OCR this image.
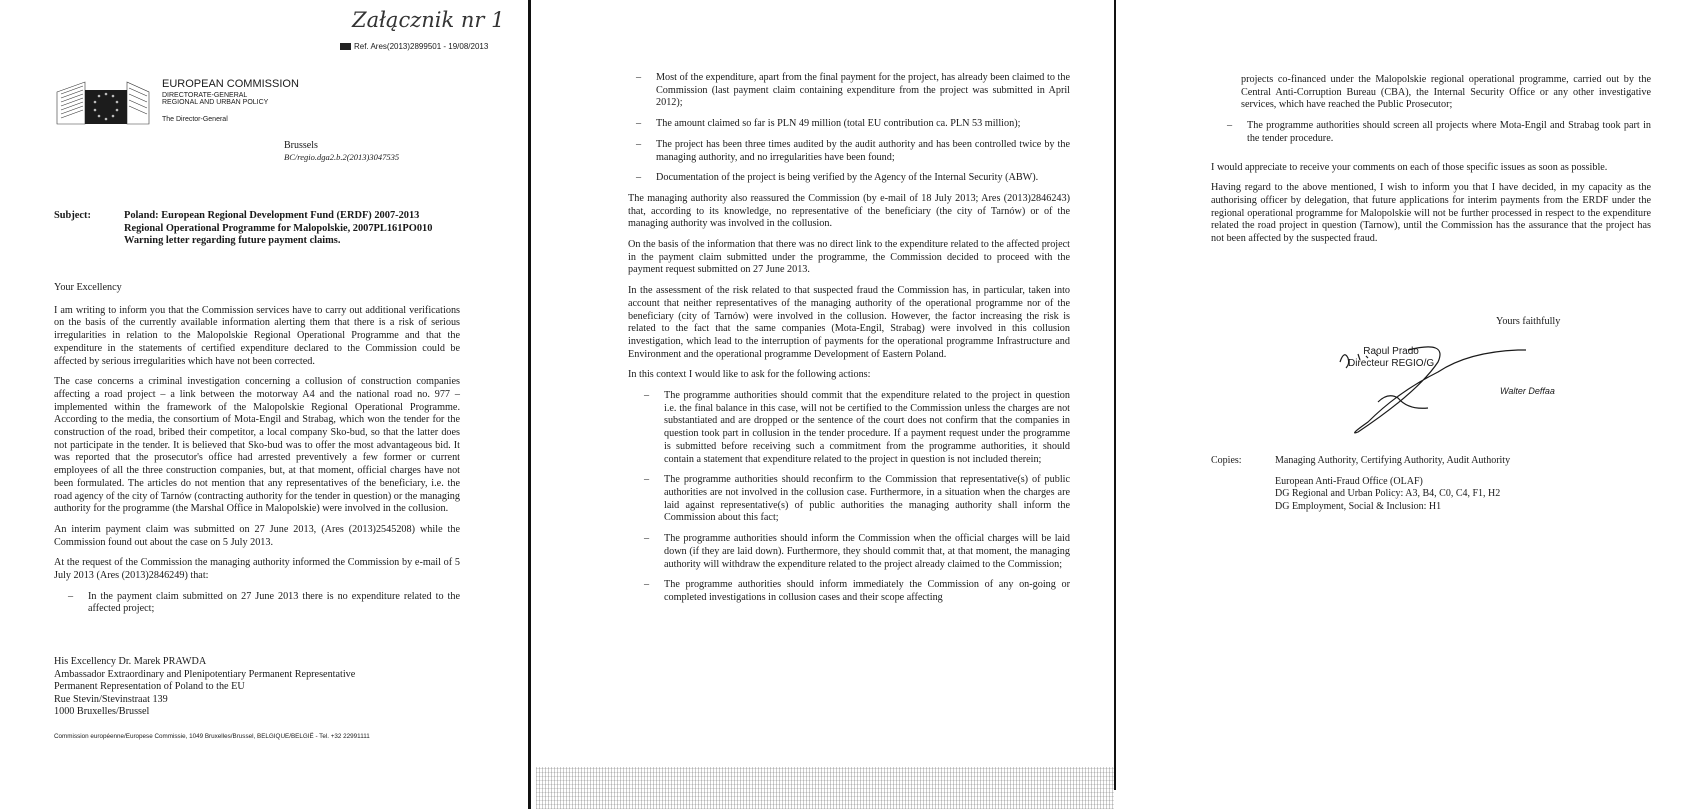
Załącznik nr 1
Ref. Ares(2013)2899501 - 19/08/2013
EUROPEAN COMMISSION
DIRECTORATE-GENERAL
REGIONAL AND URBAN POLICY
The Director-General
Brussels
BC/regio.dga2.b.2(2013)3047535
Subject:	Poland: European Regional Development Fund (ERDF) 2007-2013
Regional Operational Programme for Malopolskie, 2007PL161PO010
Warning letter regarding future payment claims.

Your Excellency

I am writing to inform you that the Commission services have to carry out additional verifications on the basis of the currently available information alerting them that there is a risk of serious irregularities in relation to the Malopolskie Regional Operational Programme and that the expenditure in the statements of certified expenditure declared to the Commission could be affected by serious irregularities which have not been corrected.

The case concerns a criminal investigation concerning a collusion of construction companies affecting a road project – a link between the motorway A4 and the national road no. 977 – implemented within the framework of the Malopolskie Regional Operational Programme. According to the media, the consortium of Mota-Engil and Strabag, which won the tender for the construction of the road, bribed their competitor, a local company Sko-bud, so that the latter does not participate in the tender. It is believed that Sko-bud was to offer the most advantageous bid. It was reported that the prosecutor's office had arrested preventively a few former or current employees of all the three construction companies, but, at that moment, official charges have not been formulated. The articles do not mention that any representatives of the beneficiary, i.e. the road agency of the city of Tarnów (contracting authority for the tender in question) or the managing authority for the programme (the Marshal Office in Malopolskie) were involved in the collusion.

An interim payment claim was submitted on 27 June 2013, (Ares (2013)2545208) while the Commission found out about the case on 5 July 2013.

At the request of the Commission the managing authority informed the Commission by e-mail of 5 July 2013 (Ares (2013)2846249) that:

– In the payment claim submitted on 27 June 2013 there is no expenditure related to the affected project;
His Excellency Dr. Marek PRAWDA
Ambassador Extraordinary and Plenipotentiary Permanent Representative
Permanent Representation of Poland to the EU
Rue Stevin/Stevinstraat 139
1000 Bruxelles/Brussel
Commission européenne/Europese Commissie, 1049 Bruxelles/Brussel, BELGIQUE/BELGIË - Tel. +32 22991111
– Most of the expenditure, apart from the final payment for the project, has already been claimed to the Commission (last payment claim containing expenditure from the project was submitted in April 2012);
– The amount claimed so far is PLN 49 million (total EU contribution ca. PLN 53 million);
– The project has been three times audited by the audit authority and has been controlled twice by the managing authority, and no irregularities have been found;
– Documentation of the project is being verified by the Agency of the Internal Security (ABW).

The managing authority also reassured the Commission (by e-mail of 18 July 2013; Ares (2013)2846243) that, according to its knowledge, no representative of the beneficiary (the city of Tarnów) or of the managing authority was involved in the collusion.

On the basis of the information that there was no direct link to the expenditure related to the affected project in the payment claim submitted under the programme, the Commission decided to proceed with the payment request submitted on 27 June 2013.

In the assessment of the risk related to that suspected fraud the Commission has, in particular, taken into account that neither representatives of the managing authority of the operational programme nor of the beneficiary (city of Tarnów) were involved in the collusion. However, the factor increasing the risk is related to the fact that the same companies (Mota-Engil, Strabag) were involved in this collusion investigation, which lead to the interruption of payments for the operational programme Infrastructure and Environment and the operational programme Development of Eastern Poland.

In this context I would like to ask for the following actions:

– The programme authorities should commit that the expenditure related to the project in question i.e. the final balance in this case, will not be certified to the Commission unless the charges are not substantiated and are dropped or the sentence of the court does not confirm that the companies in question took part in collusion in the tender procedure. If a payment request under the programme is submitted before receiving such a commitment from the programme authorities, it should contain a statement that expenditure related to the project in question is not included therein;
– The programme authorities should reconfirm to the Commission that representative(s) of public authorities are not involved in the collusion case. Furthermore, in a situation when the charges are laid against representative(s) of public authorities the managing authority shall inform the Commission about this fact;
– The programme authorities should inform the Commission when the official charges will be laid down (if they are laid down). Furthermore, they should commit that, at that moment, the managing authority will withdraw the expenditure related to the project already claimed to the Commission;
– The programme authorities should inform immediately the Commission of any on-going or completed investigations in collusion cases and their scope affecting
projects co-financed under the Malopolskie regional operational programme, carried out by the Central Anti-Corruption Bureau (CBA), the Internal Security Office or any other investigative services, which have reached the Public Prosecutor;
– The programme authorities should screen all projects where Mota-Engil and Strabag took part in the tender procedure.

I would appreciate to receive your comments on each of those specific issues as soon as possible.

Having regard to the above mentioned, I wish to inform you that I have decided, in my capacity as the authorising officer by delegation, that future applications for interim payments from the ERDF under the regional operational programme for Malopolskie will not be further processed in respect to the expenditure related the road project in question (Tarnow), until the Commission has the assurance that the project has not been affected by the suspected fraud.

Yours faithfully
Raoul Prado
Directeur REGIO/G
Walter Deffaa
Copies:	Managing Authority, Certifying Authority, Audit Authority
European Anti-Fraud Office (OLAF)
DG Regional and Urban Policy: A3, B4, C0, C4, F1, H2
DG Employment, Social & Inclusion: H1
